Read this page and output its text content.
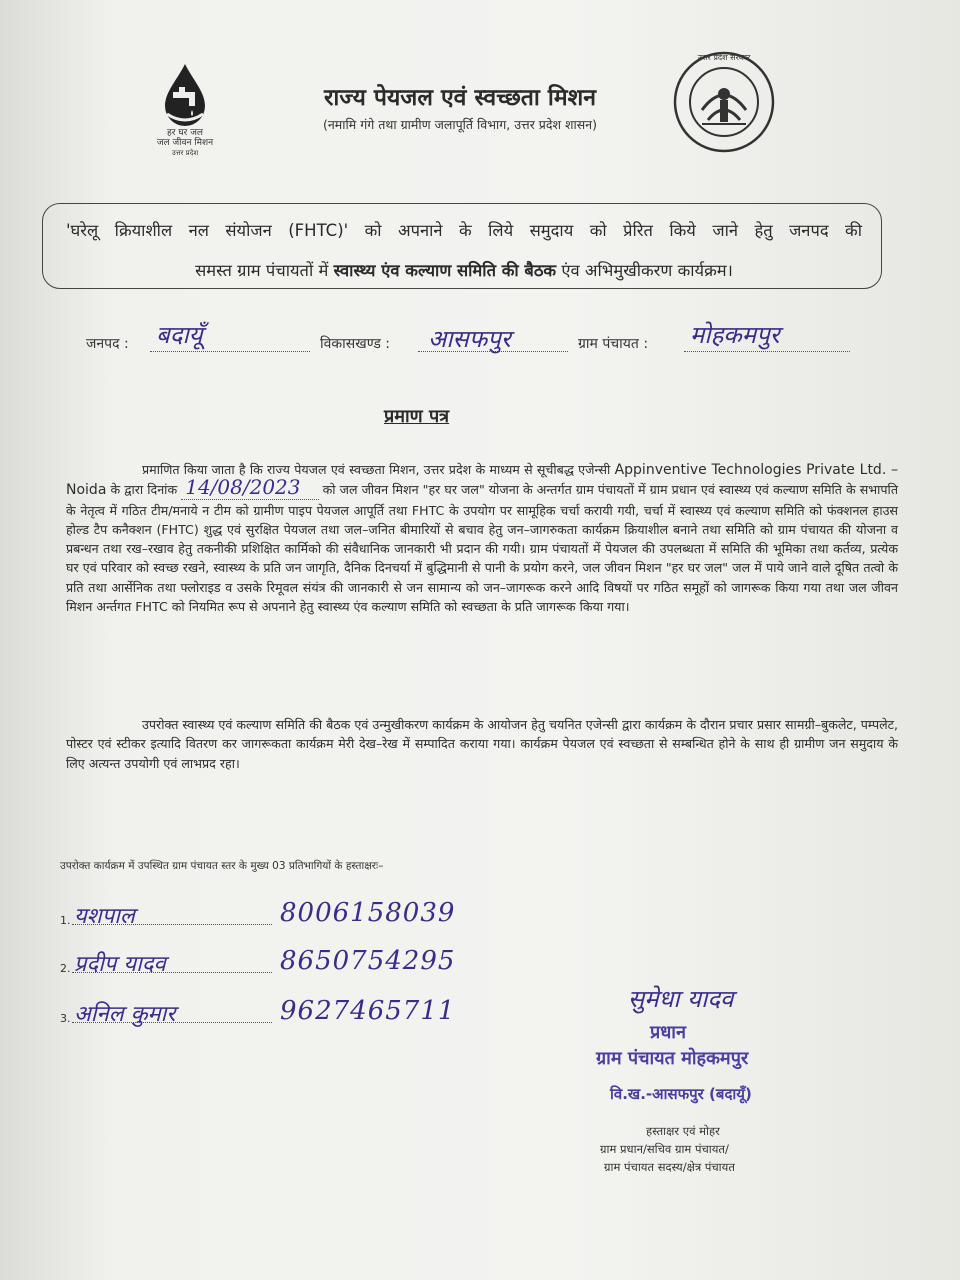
हर घर जल
जल जीवन मिशन
उत्तर प्रदेश
राज्य पेयजल एवं स्वच्छता मिशन
(नमामि गंगे तथा ग्रामीण जलापूर्ति विभाग, उत्तर प्रदेश शासन)
उत्तर प्रदेश सरकार
'घरेलू क्रियाशील नल संयोजन (FHTC)' को अपनाने के लिये समुदाय को प्रेरित किये जाने हेतु जनपद की
समस्त ग्राम पंचायतों में स्वास्थ्य एंव कल्याण समिति की बैठक एंव अभिमुखीकरण कार्यक्रम।
जनपद : बदायूँ	विकासखण्ड : आसफपुर	ग्राम पंचायत : मोहकमपुर
प्रमाण पत्र

प्रमाणित किया जाता है कि राज्य पेयजल एवं स्वच्छता मिशन, उत्तर प्रदेश के माध्यम से सूचीबद्ध एजेन्सी Appinventive Technologies Private Ltd. – Noida के द्वारा दिनांक 14/08/2023 को जल जीवन मिशन "हर घर जल" योजना के अन्तर्गत ग्राम पंचायतों में ग्राम प्रधान एवं स्वास्थ्य एवं कल्याण समिति के सभापति के नेतृत्व में गठित टीम/मनाये न टीम को ग्रामीण पाइप पेयजल आपूर्ति तथा FHTC के उपयोग पर सामूहिक चर्चा करायी गयी, चर्चा में स्वास्थ्य एवं कल्याण समिति को फंक्शनल हाउस होल्ड टैप कनैक्शन (FHTC) शुद्ध एवं सुरक्षित पेयजल तथा जल–जनित बीमारियों से बचाव हेतु जन–जागरुकता कार्यक्रम क्रियाशील बनाने तथा समिति को ग्राम पंचायत की योजना व प्रबन्धन तथा रख–रखाव हेतु तकनीकी प्रशिक्षित कार्मिको की संवैधानिक जानकारी भी प्रदान की गयी। ग्राम पंचायतों में पेयजल की उपलब्धता में समिति की भूमिका तथा कर्तव्य, प्रत्येक घर एवं परिवार को स्वच्छ रखने, स्वास्थ्य के प्रति जन जागृति, दैनिक दिनचर्या में बुद्धिमानी से पानी के प्रयोग करने, जल जीवन मिशन "हर घर जल" जल में पाये जाने वाले दूषित तत्वो के प्रति तथा आर्सेनिक तथा फ्लोराइड व उसके रिमूवल संयंत्र की जानकारी से जन सामान्य को जन–जागरूक करने आदि विषयों पर गठित समूहों को जागरूक किया गया तथा जल जीवन मिशन अर्न्तगत FHTC को नियमित रूप से अपनाने हेतु स्वास्थ्य एंव कल्याण समिति को स्वच्छता के प्रति जागरूक किया गया।

उपरोक्त स्वास्थ्य एवं कल्याण समिति की बैठक एवं उन्मुखीकरण कार्यक्रम के आयोजन हेतु चयनित एजेन्सी द्वारा कार्यक्रम के दौरान प्रचार प्रसार सामग्री–बुकलेट, पम्पलेट, पोस्टर एवं स्टीकर इत्यादि वितरण कर जागरूकता कार्यक्रम मेरी देख–रेख में सम्पादित कराया गया। कार्यक्रम पेयजल एवं स्वच्छता से सम्बन्धित होने के साथ ही ग्रामीण जन समुदाय के लिए अत्यन्त उपयोगी एवं लाभप्रद रहा।

उपरोक्त कार्यक्रम में उपस्थित ग्राम पंचायत स्तर के मुख्य 03 प्रतिभागियों के हस्ताक्षरः–
1. यशपाल	8006158039
2. प्रदीप यादव	8650754295
3. अनिल कुमार	9627465711	सुमेधा यादव
प्रधान
ग्राम पंचायत मोहकमपुर
वि.ख.-आसफपुर (बदायूँ)
हस्ताक्षर एवं मोहर
ग्राम प्रधान/सचिव ग्राम पंचायत/
ग्राम पंचायत सदस्य/क्षेत्र पंचायत
